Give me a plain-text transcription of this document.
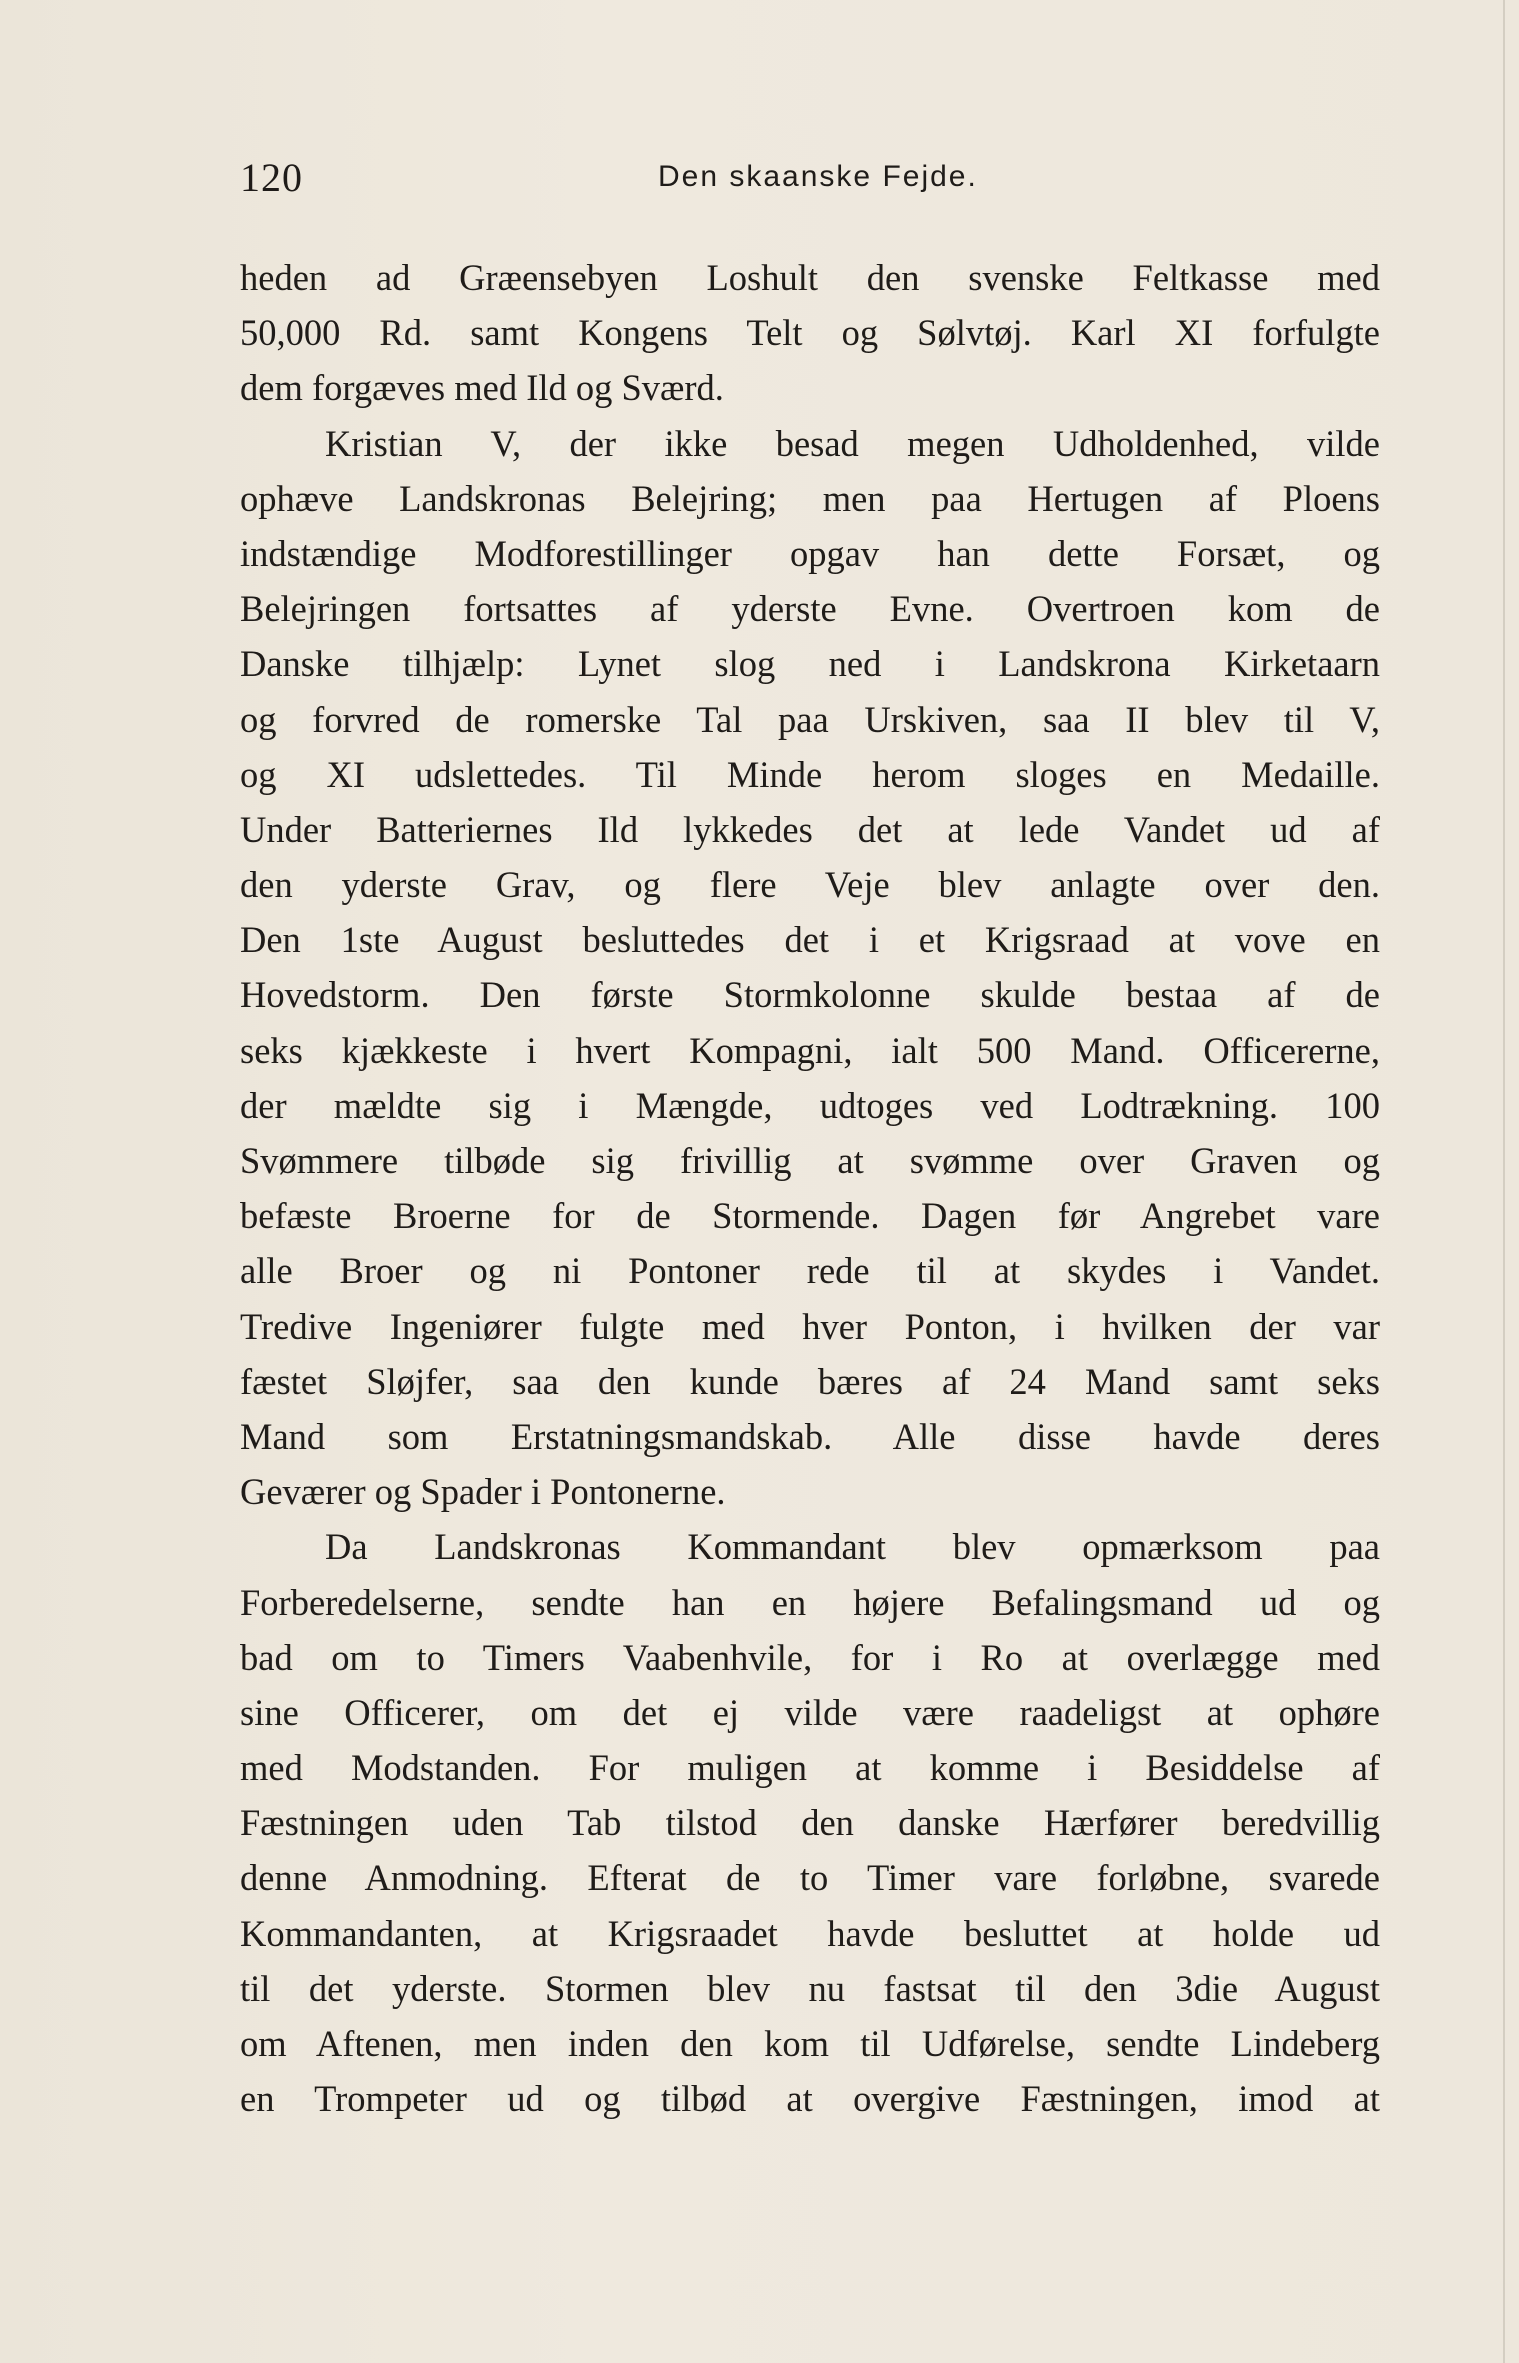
120	Den skaanske Fejde.
heden ad Græensebyen Loshult den svenske Feltkasse med
50,000 Rd. samt Kongens Telt og Sølvtøj. Karl XI forfulgte
dem forgæves med Ild og Sværd.
Kristian V, der ikke besad megen Udholdenhed, vilde
ophæve Landskronas Belejring; men paa Hertugen af Ploens
indstændige Modforestillinger opgav han dette Forsæt, og
Belejringen fortsattes af yderste Evne. Overtroen kom de
Danske tilhjælp: Lynet slog ned i Landskrona Kirketaarn
og forvred de romerske Tal paa Urskiven, saa II blev til V,
og XI udslettedes. Til Minde herom sloges en Medaille.
Under Batteriernes Ild lykkedes det at lede Vandet ud af
den yderste Grav, og flere Veje blev anlagte over den.
Den 1ste August besluttedes det i et Krigsraad at vove en
Hovedstorm. Den første Stormkolonne skulde bestaa af de
seks kjækkeste i hvert Kompagni, ialt 500 Mand. Officererne,
der mældte sig i Mængde, udtoges ved Lodtrækning. 100
Svømmere tilbøde sig frivillig at svømme over Graven og
befæste Broerne for de Stormende. Dagen før Angrebet vare
alle Broer og ni Pontoner rede til at skydes i Vandet.
Tredive Ingeniører fulgte med hver Ponton, i hvilken der var
fæstet Sløjfer, saa den kunde bæres af 24 Mand samt seks
Mand som Erstatningsmandskab. Alle disse havde deres
Geværer og Spader i Pontonerne.
Da Landskronas Kommandant blev opmærksom paa
Forberedelserne, sendte han en højere Befalingsmand ud og
bad om to Timers Vaabenhvile, for i Ro at overlægge med
sine Officerer, om det ej vilde være raadeligst at ophøre
med Modstanden. For muligen at komme i Besiddelse af
Fæstningen uden Tab tilstod den danske Hærfører beredvillig
denne Anmodning. Efterat de to Timer vare forløbne, svarede
Kommandanten, at Krigsraadet havde besluttet at holde ud
til det yderste. Stormen blev nu fastsat til den 3die August
om Aftenen, men inden den kom til Udførelse, sendte Lindeberg
en Trompeter ud og tilbød at overgive Fæstningen, imod at
